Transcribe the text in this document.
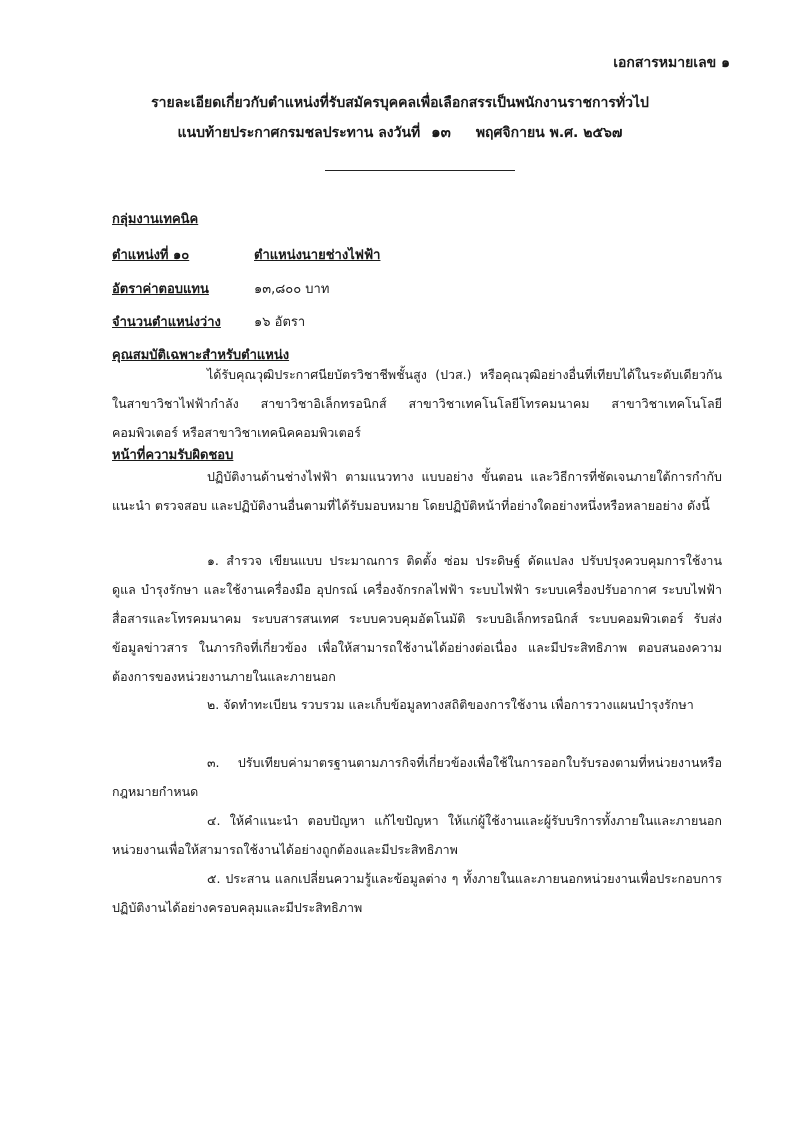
เอกสารหมายเลข ๑
รายละเอียดเกี่ยวกับตำแหน่งที่รับสมัครบุคคลเพื่อเลือกสรรเป็นพนักงานราชการทั่วไป
แนบท้ายประกาศกรมชลประทาน ลงวันที่ ๑๓ พฤศจิกายน พ.ศ. ๒๕๖๗
กลุ่มงานเทคนิค
ตำแหน่งที่ ๑๐	ตำแหน่งนายช่างไฟฟ้า
อัตราค่าตอบแทน	๑๓,๘๐๐ บาท
จำนวนตำแหน่งว่าง	๑๖ อัตรา
คุณสมบัติเฉพาะสำหรับตำแหน่ง

ได้รับคุณวุฒิประกาศนียบัตรวิชาชีพชั้นสูง (ปวส.) หรือคุณวุฒิอย่างอื่นที่เทียบได้ในระดับเดียวกัน ในสาขาวิชาไฟฟ้ากำลัง สาขาวิชาอิเล็กทรอนิกส์ สาขาวิชาเทคโนโลยีโทรคมนาคม สาขาวิชาเทคโนโลยีคอมพิวเตอร์ หรือสาขาวิชาเทคนิคคอมพิวเตอร์

หน้าที่ความรับผิดชอบ

ปฏิบัติงานด้านช่างไฟฟ้า ตามแนวทาง แบบอย่าง ขั้นตอน และวิธีการที่ชัดเจนภายใต้การกำกับ แนะนำ ตรวจสอบ และปฏิบัติงานอื่นตามที่ได้รับมอบหมาย โดยปฏิบัติหน้าที่อย่างใดอย่างหนึ่งหรือหลายอย่าง ดังนี้

๑. สำรวจ เขียนแบบ ประมาณการ ติดตั้ง ซ่อม ประดิษฐ์ ดัดแปลง ปรับปรุงควบคุมการใช้งาน ดูแล บำรุงรักษา และใช้งานเครื่องมือ อุปกรณ์ เครื่องจักรกลไฟฟ้า ระบบไฟฟ้า ระบบเครื่องปรับอากาศ ระบบไฟฟ้าสื่อสารและโทรคมนาคม ระบบสารสนเทศ ระบบควบคุมอัตโนมัติ ระบบอิเล็กทรอนิกส์ ระบบคอมพิวเตอร์ รับส่งข้อมูลข่าวสาร ในภารกิจที่เกี่ยวข้อง เพื่อให้สามารถใช้งานได้อย่างต่อเนื่อง และมีประสิทธิภาพ ตอบสนองความต้องการของหน่วยงานภายในและภายนอก

๒. จัดทำทะเบียน รวบรวม และเก็บข้อมูลทางสถิติของการใช้งาน เพื่อการวางแผนบำรุงรักษา

๓. ปรับเทียบค่ามาตรฐานตามภารกิจที่เกี่ยวข้องเพื่อใช้ในการออกใบรับรองตามที่หน่วยงานหรือกฎหมายกำหนด

๔. ให้คำแนะนำ ตอบปัญหา แก้ไขปัญหา ให้แก่ผู้ใช้งานและผู้รับบริการทั้งภายในและภายนอกหน่วยงานเพื่อให้สามารถใช้งานได้อย่างถูกต้องและมีประสิทธิภาพ

๕. ประสาน แลกเปลี่ยนความรู้และข้อมูลต่าง ๆ ทั้งภายในและภายนอกหน่วยงานเพื่อประกอบการปฏิบัติงานได้อย่างครอบคลุมและมีประสิทธิภาพ
